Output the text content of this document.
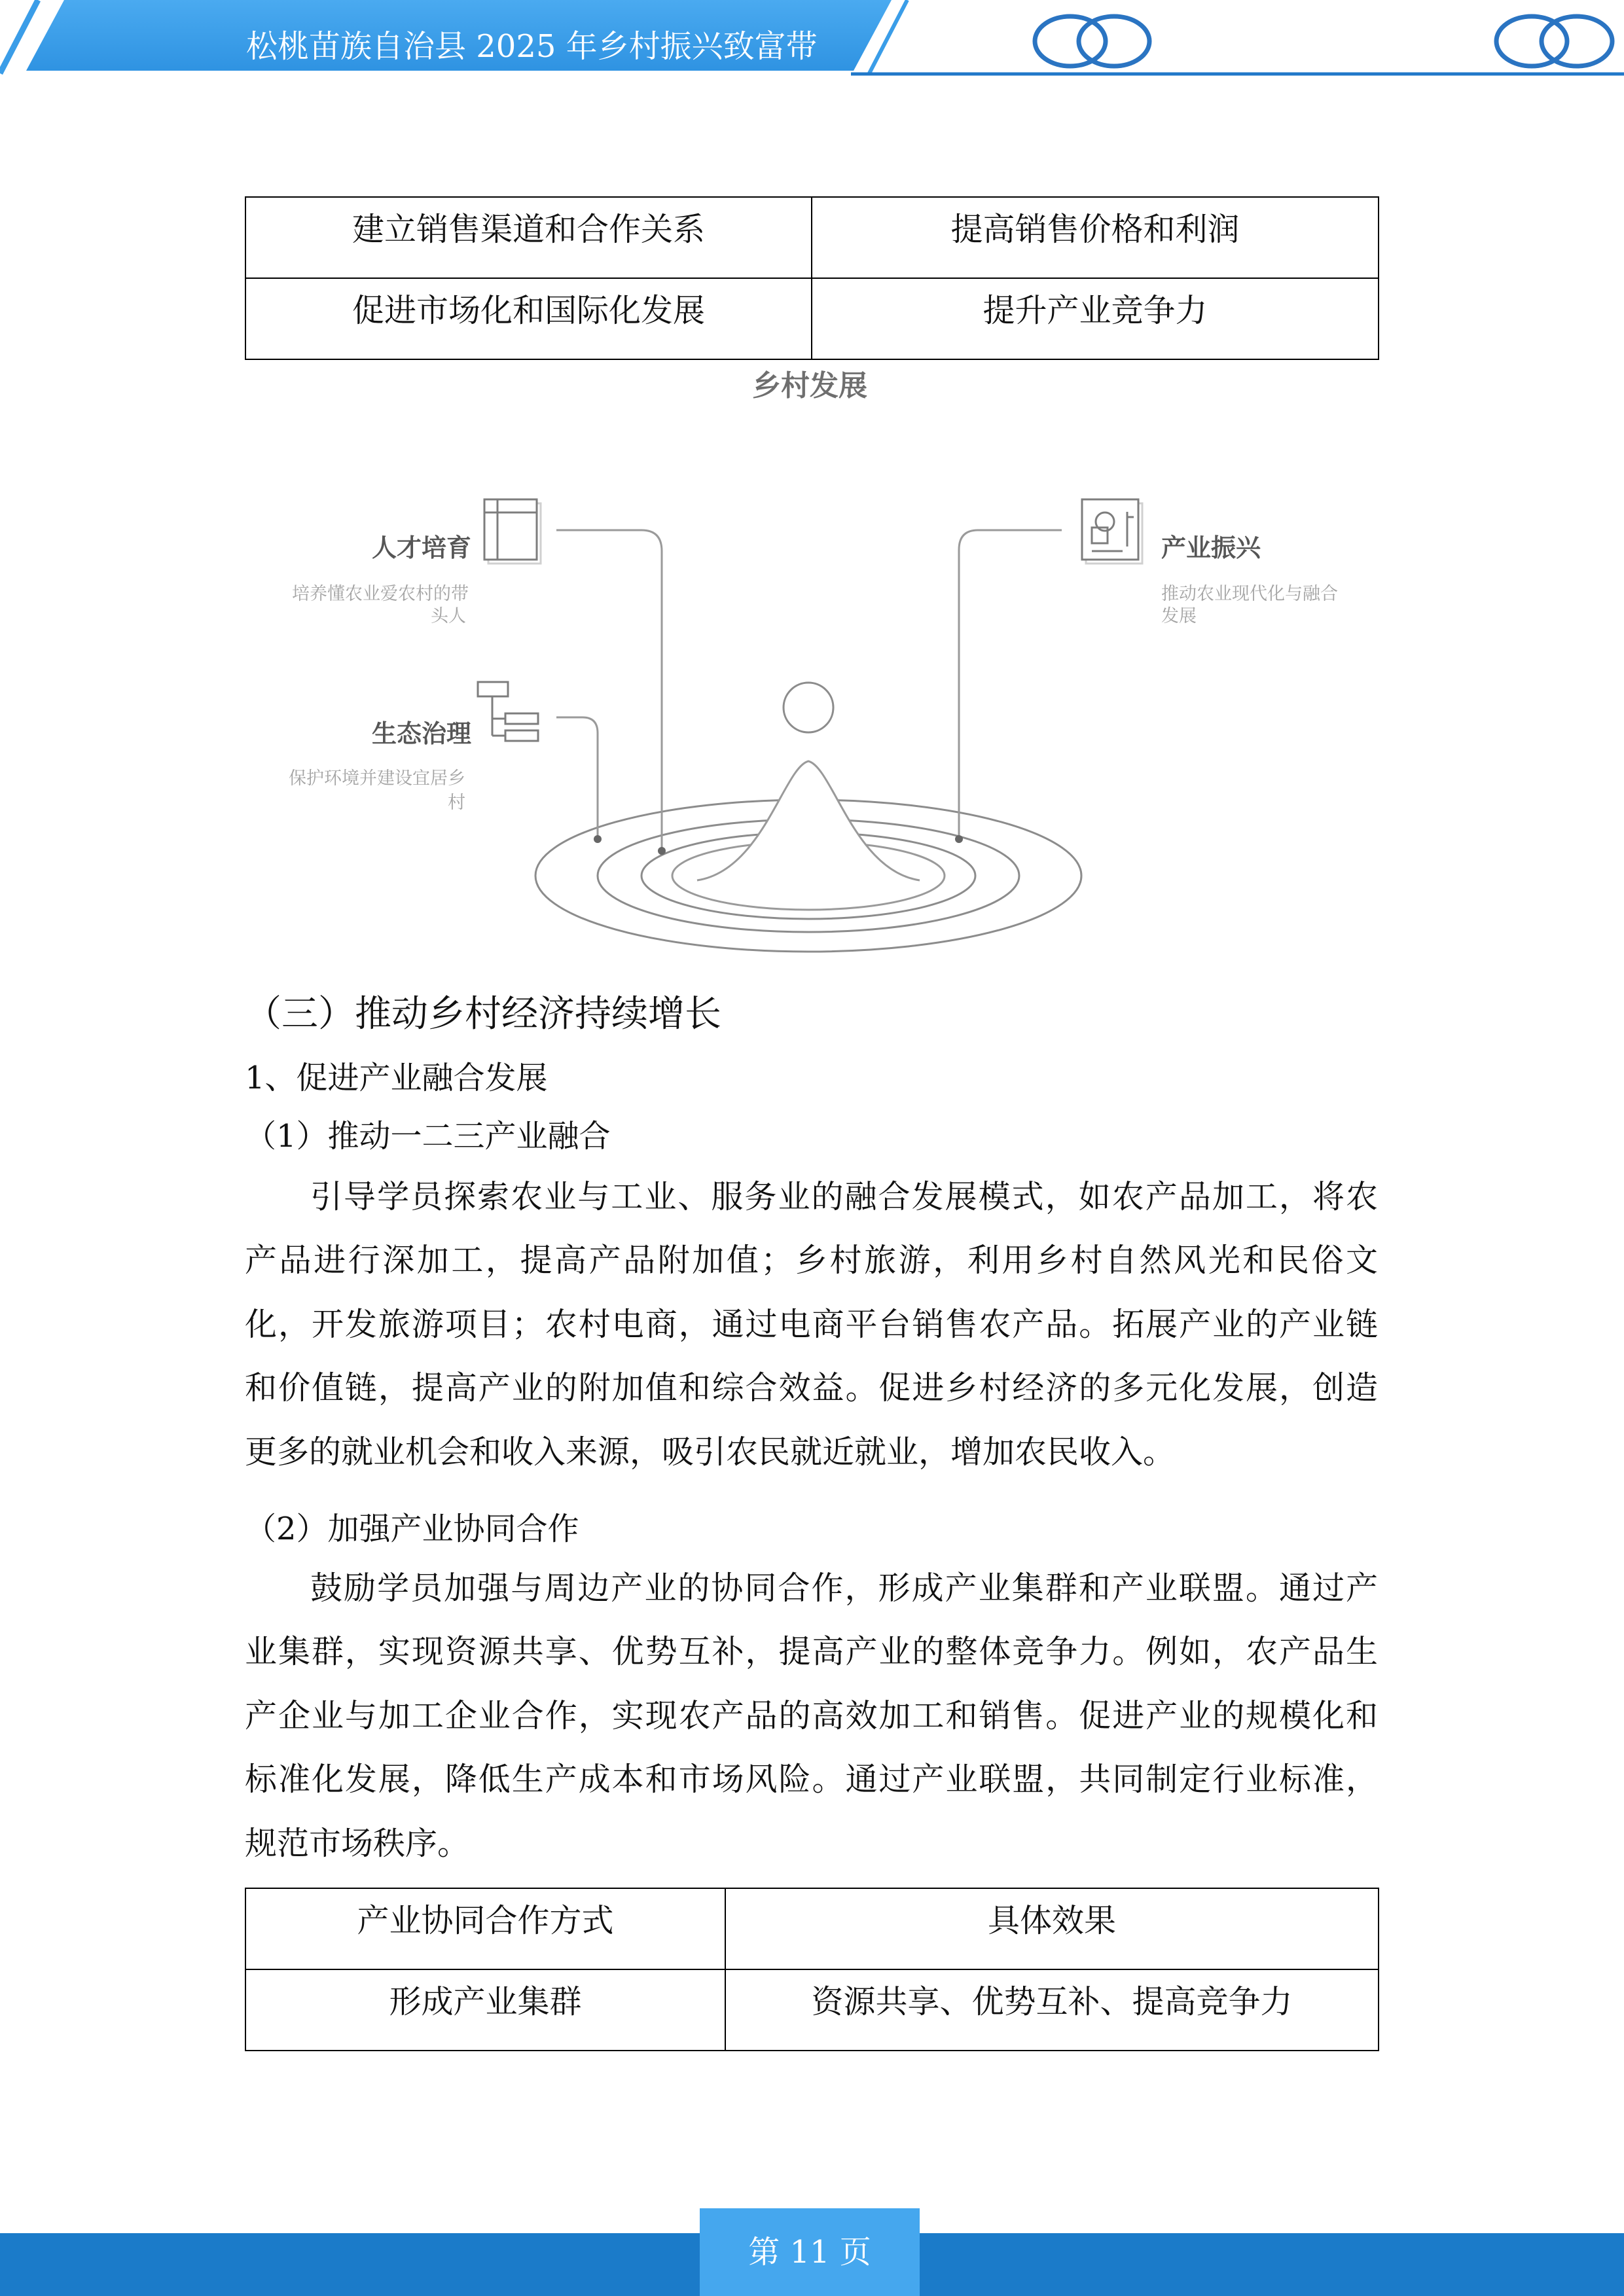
松桃苗族自治县 2025 年乡村振兴致富带
建立销售渠道和合作关系	提高销售价格和利润
促进市场化和国际化发展	提升产业竞争力
乡村发展
人才培育
培养懂农业爱农村的带
头人
生态治理
保护环境并建设宜居乡
村
产业振兴
推动农业现代化与融合
发展
（三）推动乡村经济持续增长
1、促进产业融合发展
（1）推动一二三产业融合
引导学员探索农业与工业、服务业的融合发展模式，如农产品加工，将农
产品进行深加工，提高产品附加值；乡村旅游，利用乡村自然风光和民俗文
化，开发旅游项目；农村电商，通过电商平台销售农产品。拓展产业的产业链
和价值链，提高产业的附加值和综合效益。促进乡村经济的多元化发展，创造
更多的就业机会和收入来源，吸引农民就近就业，增加农民收入。
（2）加强产业协同合作
鼓励学员加强与周边产业的协同合作，形成产业集群和产业联盟。通过产
业集群，实现资源共享、优势互补，提高产业的整体竞争力。例如，农产品生
产企业与加工企业合作，实现农产品的高效加工和销售。促进产业的规模化和
标准化发展，降低生产成本和市场风险。通过产业联盟，共同制定行业标准，
规范市场秩序。
产业协同合作方式	具体效果
形成产业集群	资源共享、优势互补、提高竞争力
第 11 页
